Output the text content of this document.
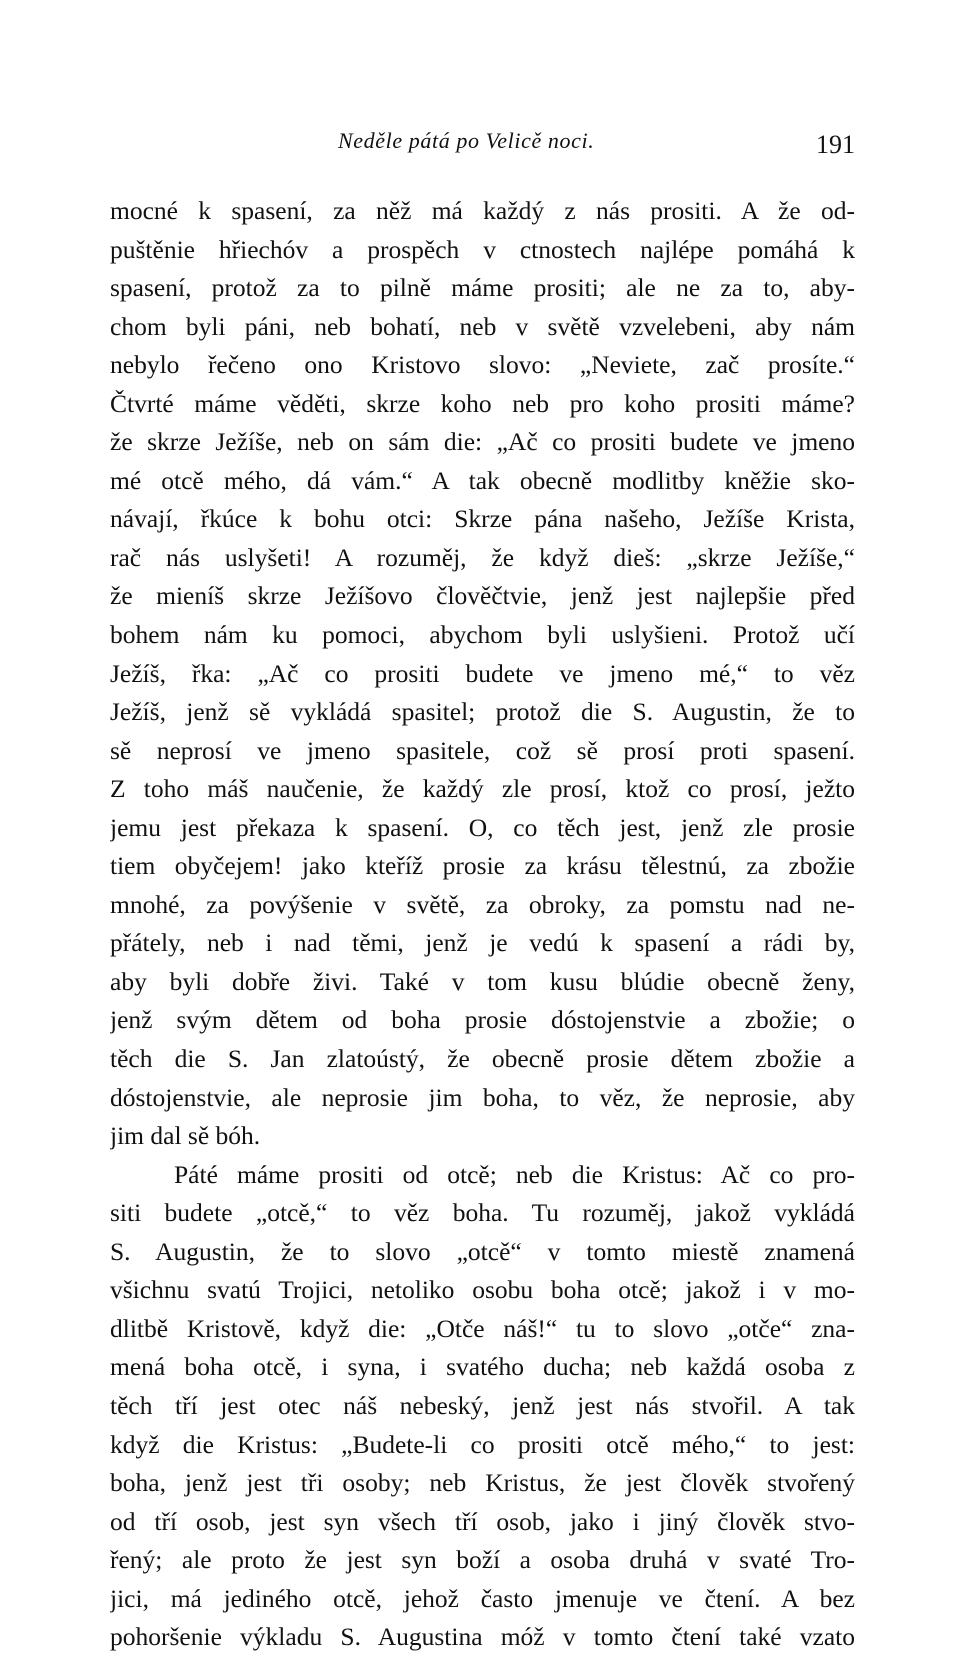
Neděle pátá po Velicě noci.	191
mocné k spasení, za něž má každý z nás prositi. A že od-
puštěnie hřiechóv a prospěch v ctnostech najlépe pomáhá k
spasení, protož za to pilně máme prositi; ale ne za to, aby-
chom byli páni, neb bohatí, neb v světě vzvelebeni, aby nám
nebylo řečeno ono Kristovo slovo: „Neviete, zač prosíte.“
Čtvrté máme věděti, skrze koho neb pro koho prositi máme?
že skrze Ježíše, neb on sám die: „Ač co prositi budete ve jmeno
mé otcě mého, dá vám.“ A tak obecně modlitby kněžie sko-
návají, řkúce k bohu otci: Skrze pána našeho, Ježíše Krista,
rač nás uslyšeti! A rozuměj, že když dieš: „skrze Ježíše,“
že mieníš skrze Ježíšovo člověčtvie, jenž jest najlepšie před
bohem nám ku pomoci, abychom byli uslyšieni. Protož učí
Ježíš, řka: „Ač co prositi budete ve jmeno mé,“ to věz
Ježíš, jenž sě vykládá spasitel; protož die S. Augustin, že to
sě neprosí ve jmeno spasitele, což sě prosí proti spasení.
Z toho máš naučenie, že každý zle prosí, ktož co prosí, ježto
jemu jest překaza k spasení. O, co těch jest, jenž zle prosie
tiem obyčejem! jako kteříž prosie za krásu tělestnú, za zbožie
mnohé, za povýšenie v světě, za obroky, za pomstu nad ne-
přátely, neb i nad těmi, jenž je vedú k spasení a rádi by,
aby byli dobře živi. Také v tom kusu blúdie obecně ženy,
jenž svým dětem od boha prosie dóstojenstvie a zbožie; o
těch die S. Jan zlatoústý, že obecně prosie dětem zbožie a
dóstojenstvie, ale neprosie jim boha, to věz, že neprosie, aby
jim dal sě bóh.
Páté máme prositi od otcě; neb die Kristus: Ač co pro-
siti budete „otcě,“ to věz boha. Tu rozuměj, jakož vykládá
S. Augustin, že to slovo „otcě“ v tomto miestě znamená
všichnu svatú Trojici, netoliko osobu boha otcě; jakož i v mo-
dlitbě Kristově, když die: „Otče náš!“ tu to slovo „otče“ zna-
mená boha otcě, i syna, i svatého ducha; neb každá osoba z
těch tří jest otec náš nebeský, jenž jest nás stvořil. A tak
když die Kristus: „Budete-li co prositi otcě mého,“ to jest:
boha, jenž jest tři osoby; neb Kristus, že jest člověk stvořený
od tří osob, jest syn všech tří osob, jako i jiný člověk stvo-
řený; ale proto že jest syn boží a osoba druhá v svaté Tro-
jici, má jediného otcě, jehož často jmenuje ve čtení. A bez
pohoršenie výkladu S. Augustina móž v tomto čtení také vzato
